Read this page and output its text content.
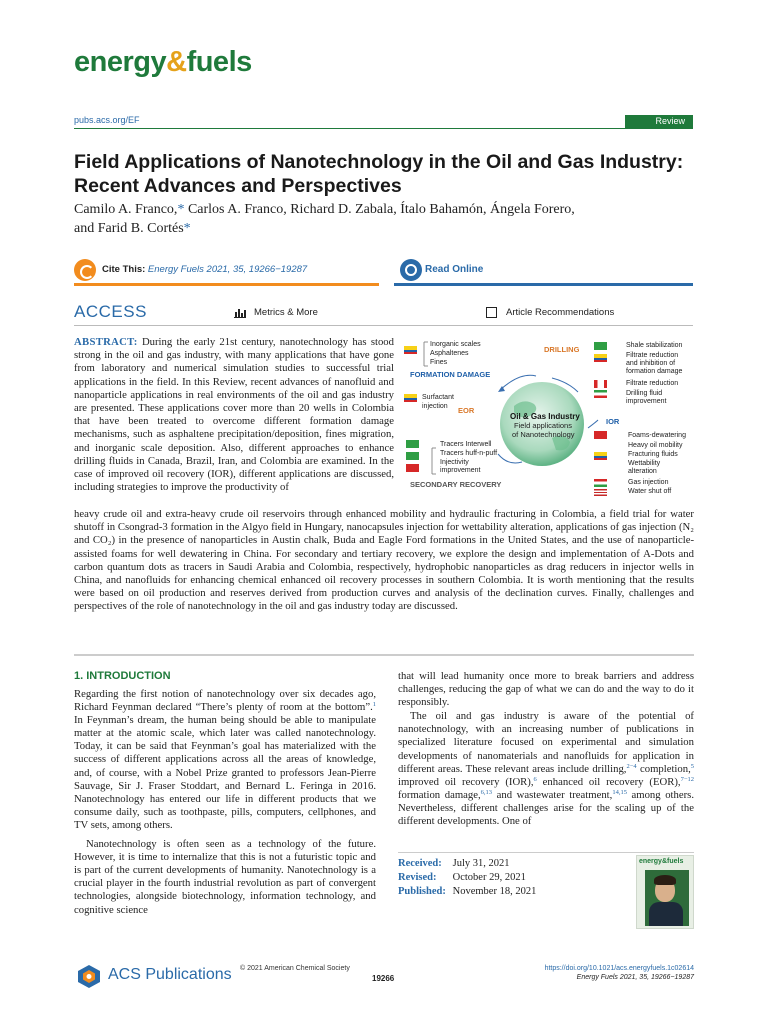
energy&fuels
pubs.acs.org/EF	Review
Field Applications of Nanotechnology in the Oil and Gas Industry: Recent Advances and Perspectives
Camilo A. Franco,* Carlos A. Franco, Richard D. Zabala, Ítalo Bahamón, Ángela Forero,
and Farid B. Cortés*
Cite This: Energy Fuels 2021, 35, 19266−19287	Read Online
ACCESS	Metrics & More	Article Recommendations

ABSTRACT: During the early 21st century, nanotechnology has stood strong in the oil and gas industry, with many applications that have gone from laboratory and numerical simulation studies to successful trial applications in the field. In this Review, recent advances of nanofluid and nanoparticle applications in real environments of the oil and gas industry are presented. These applications cover more than 20 wells in Colombia that have been treated to overcome different formation damage mechanisms, such as asphaltene precipitation/deposition, fines migration, and inorganic scale deposition. Also, different approaches to enhance drilling fluids in Canada, Brazil, Iran, and Colombia are examined. In the case of improved oil recovery (IOR), different applications are discussed, including strategies to improve the productivity of

Oil & Gas Industry
Field applications
of Nanotechnology
Inorganic scales
Asphaltenes
Fines
FORMATION DAMAGE
DRILLING	Shale stabilization
Filtrate reduction
and inhibition of
formation damage
Filtrate reduction
Drilling fluid
improvement
Surfactant
injection EOR
IOR
Foams-dewatering
Heavy oil mobility
Fracturing fluids
Wettability
alteration
Gas injection
Water shut off
Tracers Interwell
Tracers huff-n-puff
Injectivity
improvement
SECONDARY RECOVERY

heavy crude oil and extra-heavy crude oil reservoirs through enhanced mobility and hydraulic fracturing in Colombia, a field trial for water shutoff in Csongrad-3 formation in the Algyo field in Hungary, nanocapsules injection for wettability alteration, applications of gas injection (N₂ and CO₂) in the presence of nanoparticles in Austin chalk, Buda and Eagle Ford formations in the United States, and the use of nanoparticle-assisted foams for well dewatering in China. For secondary and tertiary recovery, we explore the design and implementation of A-Dots and carbon quantum dots as tracers in Saudi Arabia and Colombia, respectively, hydrophobic nanoparticles as drag reducers in injector wells in China, and nanofluids for enhancing chemical enhanced oil recovery processes in southern Colombia. It is worth mentioning that the results were based on oil production and reserves derived from production curves and analysis of the declination curves. Finally, challenges and perspectives of the role of nanotechnology in the oil and gas industry today are discussed.

1. INTRODUCTION

Regarding the first notion of nanotechnology over six decades ago, Richard Feynman declared “There’s plenty of room at the bottom”.$^1$ In Feynman’s dream, the human being should be able to manipulate matter at the atomic scale, which later was called nanotechnology. Today, it can be said that Feynman’s goal has materialized with the success of different applications across all the areas of knowledge, and, of course, with a Nobel Prize granted to professors Jean-Pierre Sauvage, Sir J. Fraser Stoddart, and Bernard L. Feringa in 2016. Nanotechnology has entered our life in different products that we consume daily, such as toothpaste, pills, computers, cellphones, and TV sets, among others.

Nanotechnology is often seen as a technology of the future. However, it is time to internalize that this is not a futuristic topic and is part of the current developments of humanity. Nanotechnology is a crucial player in the fourth industrial revolution as part of convergent technologies, alongside biotechnology, information technology, and cognitive science

that will lead humanity once more to break barriers and address challenges, reducing the gap of what we can do and the way to do it responsibly.

The oil and gas industry is aware of the potential of nanotechnology, with an increasing number of publications in specialized literature focused on experimental and simulation developments of nanomaterials and nanofluids for application in different areas. These relevant areas include drilling,$^{2-4}$ completion,$^5$ improved oil recovery (IOR),$^6$ enhanced oil recovery (EOR),$^{7-12}$ formation damage,$^{6,13}$ and wastewater treatment,$^{14,15}$ among others. Nevertheless, different challenges arise for the scaling up of the different developments. One of

Received: July 31, 2021
Revised: October 29, 2021
Published: November 18, 2021
energy&fuels
ACS Publications © 2021 American Chemical Society
19266
https://doi.org/10.1021/acs.energyfuels.1c02614
Energy Fuels 2021, 35, 19266−19287
